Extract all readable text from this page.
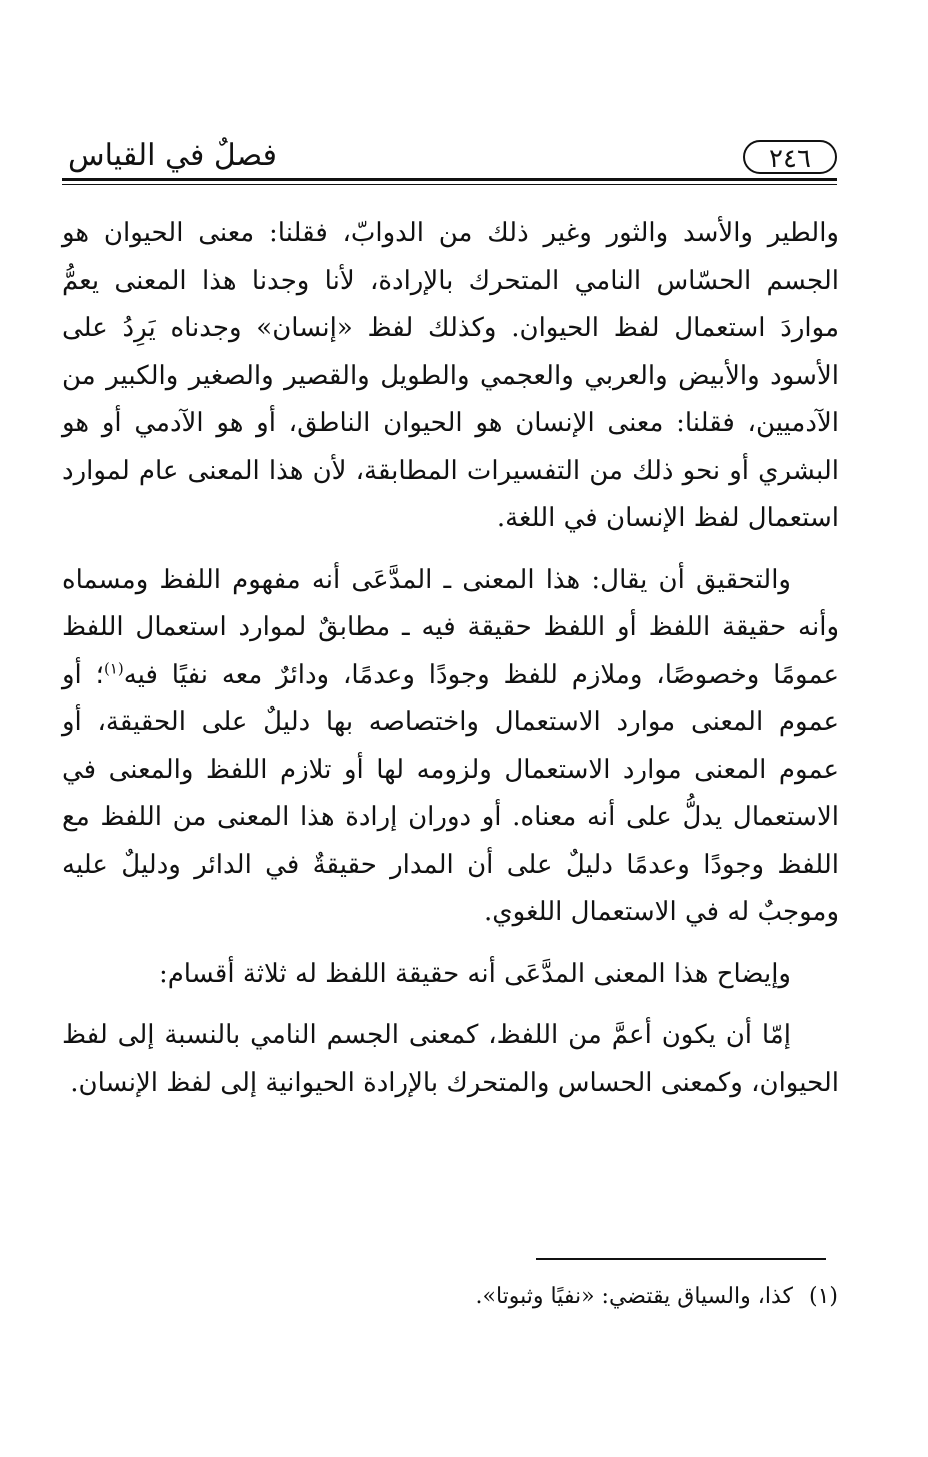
فصلٌ في القياس	٢٤٦

والطير والأسد والثور وغير ذلك من الدوابّ، فقلنا: معنى الحيوان هو الجسم الحسّاس النامي المتحرك بالإرادة، لأنا وجدنا هذا المعنى يعمُّ مواردَ استعمال لفظ الحيوان. وكذلك لفظ «إنسان» وجدناه يَرِدُ على الأسود والأبيض والعربي والعجمي والطويل والقصير والصغير والكبير من الآدميين، فقلنا: معنى الإنسان هو الحيوان الناطق، أو هو الآدمي أو هو البشري أو نحو ذلك من التفسيرات المطابقة، لأن هذا المعنى عام لموارد استعمال لفظ الإنسان في اللغة.

والتحقيق أن يقال: هذا المعنى ـ المدَّعَى أنه مفهوم اللفظ ومسماه وأنه حقيقة اللفظ أو اللفظ حقيقة فيه ـ مطابقٌ لموارد استعمال اللفظ عمومًا وخصوصًا، وملازم للفظ وجودًا وعدمًا، ودائرٌ معه نفيًا فيه$^{(١)}$؛ أو عموم المعنى موارد الاستعمال واختصاصه بها دليلٌ على الحقيقة، أو عموم المعنى موارد الاستعمال ولزومه لها أو تلازم اللفظ والمعنى في الاستعمال يدلُّ على أنه معناه. أو دوران إرادة هذا المعنى من اللفظ مع اللفظ وجودًا وعدمًا دليلٌ على أن المدار حقيقةٌ في الدائر ودليلٌ عليه وموجبٌ له في الاستعمال اللغوي.

وإيضاح هذا المعنى المدَّعَى أنه حقيقة اللفظ له ثلاثة أقسام:

إمّا أن يكون أعمَّ من اللفظ، كمعنى الجسم النامي بالنسبة إلى لفظ الحيوان، وكمعنى الحساس والمتحرك بالإرادة الحيوانية إلى لفظ الإنسان.

(١)كذا، والسياق يقتضي: «نفيًا وثبوتا».
